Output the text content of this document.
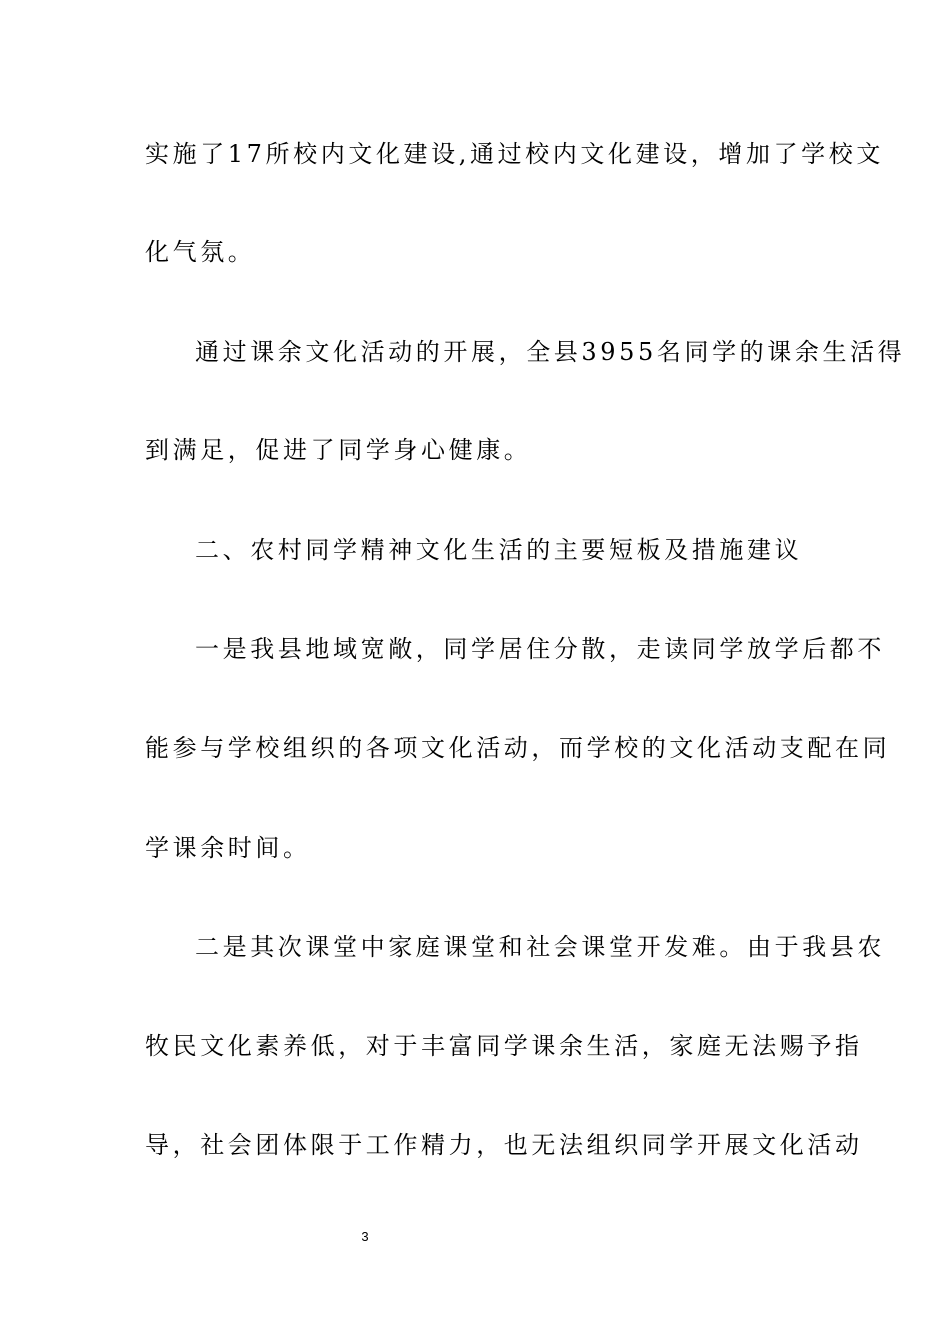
实施了17所校内文化建设,通过校内文化建设，增加了学校文
化气氛。
通过课余文化活动的开展，全县3955名同学的课余生活得
到满足，促进了同学身心健康。
二、农村同学精神文化生活的主要短板及措施建议
一是我县地域宽敞，同学居住分散，走读同学放学后都不
能参与学校组织的各项文化活动，而学校的文化活动支配在同
学课余时间。
二是其次课堂中家庭课堂和社会课堂开发难。由于我县农
牧民文化素养低，对于丰富同学课余生活，家庭无法赐予指
导，社会团体限于工作精力，也无法组织同学开展文化活动
3
